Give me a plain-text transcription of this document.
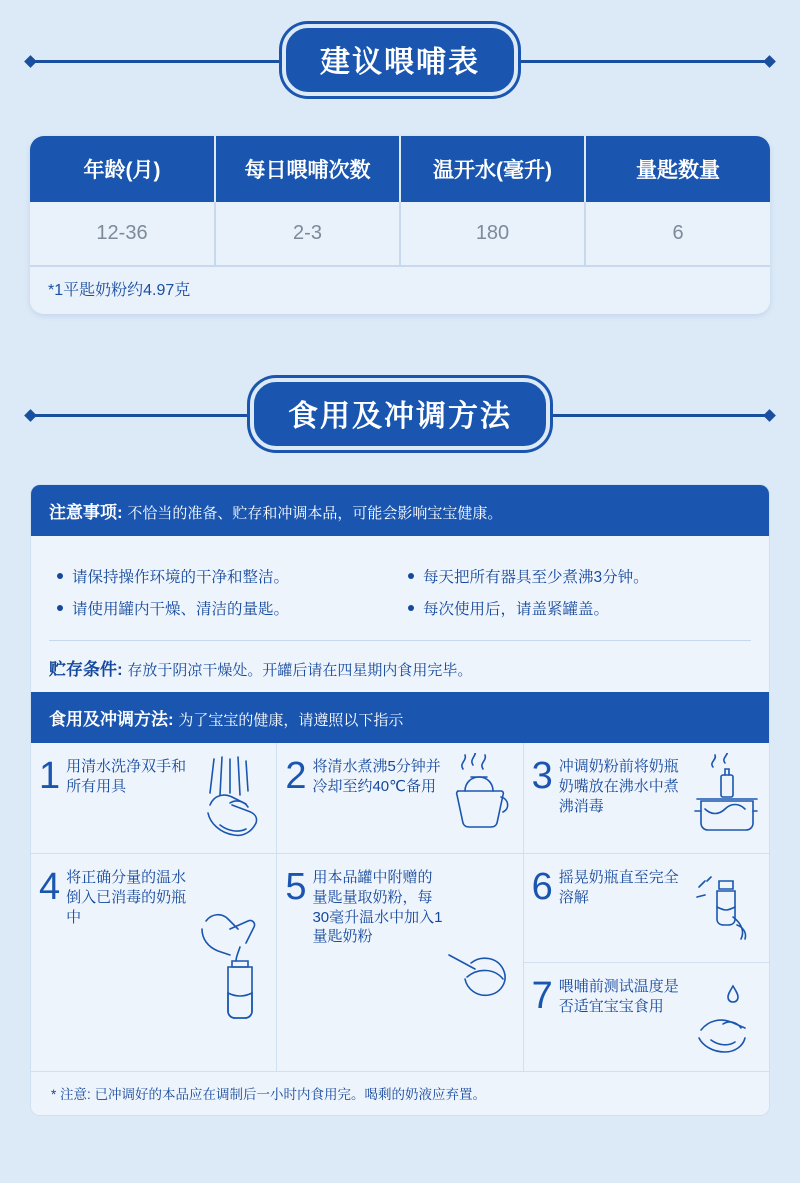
建议喂哺表
年龄(月)	每日喂哺次数	温开水(毫升)	量匙数量
12-36	2-3	180	6
*1平匙奶粉约4.97克
食用及冲调方法
注意事项: 不恰当的准备、贮存和冲调本品，可能会影响宝宝健康。
请保持操作环境的干净和整洁。	每天把所有器具至少煮沸3分钟。
请使用罐内干燥、清洁的量匙。	每次使用后，请盖紧罐盖。
贮存条件: 存放于阴凉干燥处。开罐后请在四星期内食用完毕。
食用及冲调方法: 为了宝宝的健康，请遵照以下指示
1 用清水洗净双手和所有用具	2 将清水煮沸5分钟并冷却至约40℃备用	3 冲调奶粉前将奶瓶奶嘴放在沸水中煮沸消毒
4 将正确分量的温水倒入已消毒的奶瓶中
5 用本品罐中附赠的量匙量取奶粉，每30毫升温水中加入1量匙奶粉
6 摇晃奶瓶直至完全溶解
7 喂哺前测试温度是否适宜宝宝食用
* 注意: 已冲调好的本品应在调制后一小时内食用完。喝剩的奶液应弃置。
